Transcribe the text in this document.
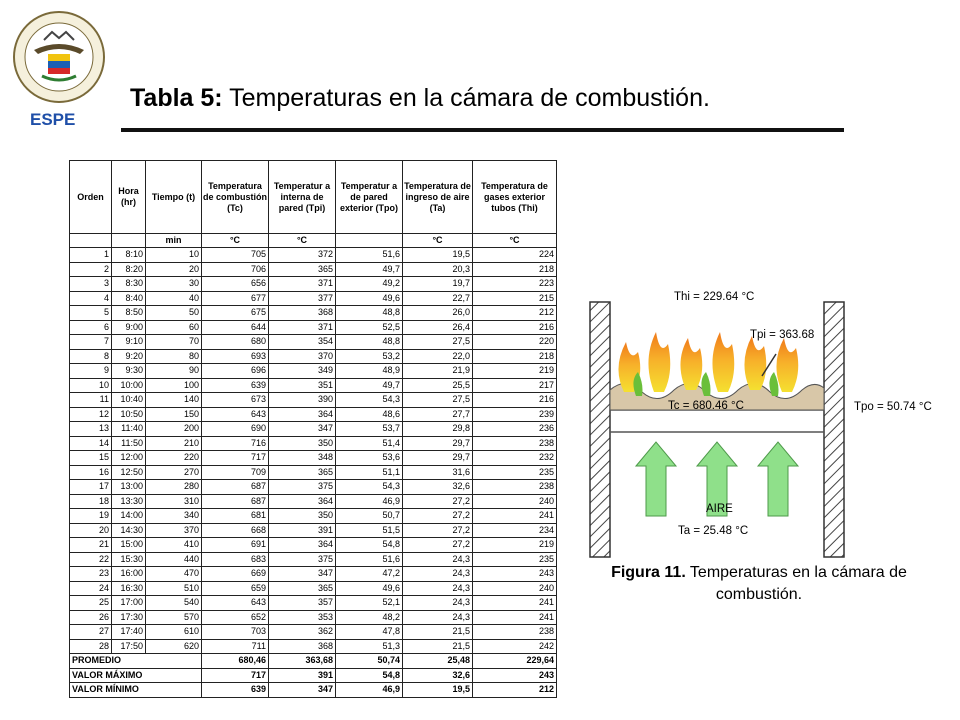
ESPE
Tabla 5: Temperaturas en la cámara de combustión.
Orden	Hora (hr)	Tiempo (t)	Temperatura de combustión (Tc)	Temperatur a interna de pared (Tpi)	Temperatur a de pared exterior (Tpo)	Temperatura de ingreso de aire (Ta)	Temperatura de gases exterior tubos (Thi)
		min	°C	°C		°C	°C
1	8:10	10	705	372	51,6	19,5	224
2	8:20	20	706	365	49,7	20,3	218
3	8:30	30	656	371	49,2	19,7	223
4	8:40	40	677	377	49,6	22,7	215
5	8:50	50	675	368	48,8	26,0	212
6	9:00	60	644	371	52,5	26,4	216
7	9:10	70	680	354	48,8	27,5	220
8	9:20	80	693	370	53,2	22,0	218
9	9:30	90	696	349	48,9	21,9	219
10	10:00	100	639	351	49,7	25,5	217
11	10:40	140	673	390	54,3	27,5	216
12	10:50	150	643	364	48,6	27,7	239
13	11:40	200	690	347	53,7	29,8	236
14	11:50	210	716	350	51,4	29,7	238
15	12:00	220	717	348	53,6	29,7	232
16	12:50	270	709	365	51,1	31,6	235
17	13:00	280	687	375	54,3	32,6	238
18	13:30	310	687	364	46,9	27,2	240
19	14:00	340	681	350	50,7	27,2	241
20	14:30	370	668	391	51,5	27,2	234
21	15:00	410	691	364	54,8	27,2	219
22	15:30	440	683	375	51,6	24,3	235
23	16:00	470	669	347	47,2	24,3	243
24	16:30	510	659	365	49,6	24,3	240
25	17:00	540	643	357	52,1	24,3	241
26	17:30	570	652	353	48,2	24,3	241
27	17:40	610	703	362	47,8	21,5	238
28	17:50	620	711	368	51,3	21,5	242
PROMEDIO			680,46	363,68	50,74	25,48	229,64
VALOR MÁXIMO			717	391	54,8	32,6	243
VALOR MÍNIMO			639	347	46,9	19,5	212
Thi = 229.64 °C
Tpi = 363.68
Tc = 680.46 °C	Tpo = 50.74 °C
AIRE
Ta = 25.48 °C
Figura 11. Temperaturas en la cámara de combustión.
